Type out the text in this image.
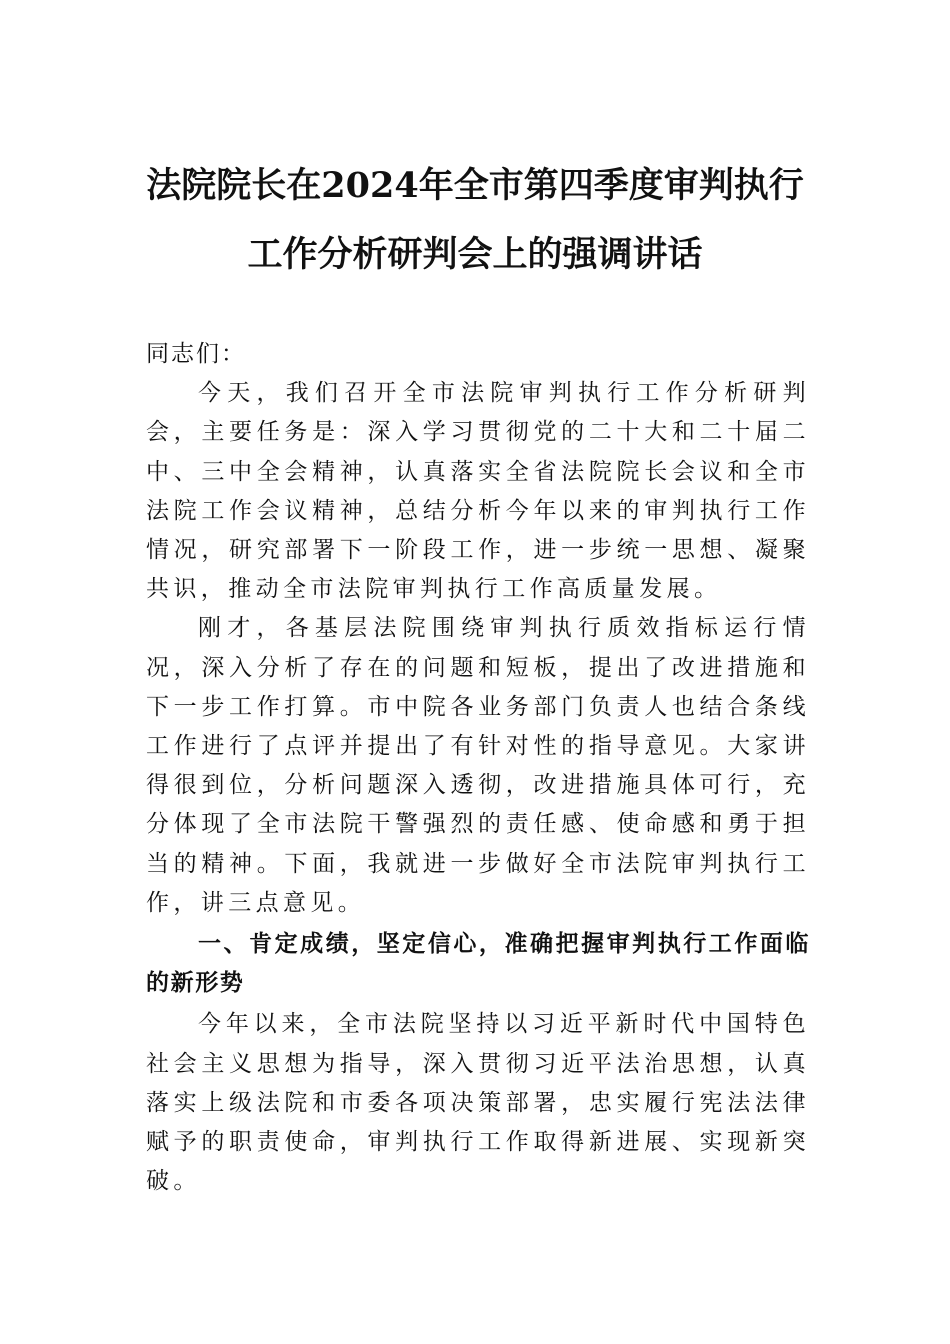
法院院长在2024年全市第四季度审判执行
工作分析研判会上的强调讲话

同志们：

今天，我们召开全市法院审判执行工作分析研判会，主要任务是：深入学习贯彻党的二十大和二十届二中、三中全会精神，认真落实全省法院院长会议和全市法院工作会议精神，总结分析今年以来的审判执行工作情况，研究部署下一阶段工作，进一步统一思想、凝聚共识，推动全市法院审判执行工作高质量发展。

刚才，各基层法院围绕审判执行质效指标运行情况，深入分析了存在的问题和短板，提出了改进措施和下一步工作打算。市中院各业务部门负责人也结合条线工作进行了点评并提出了有针对性的指导意见。大家讲得很到位，分析问题深入透彻，改进措施具体可行，充分体现了全市法院干警强烈的责任感、使命感和勇于担当的精神。下面，我就进一步做好全市法院审判执行工作，讲三点意见。

一、肯定成绩，坚定信心，准确把握审判执行工作面临的新形势

今年以来，全市法院坚持以习近平新时代中国特色社会主义思想为指导，深入贯彻习近平法治思想，认真落实上级法院和市委各项决策部署，忠实履行宪法法律赋予的职责使命，审判执行工作取得新进展、实现新突破。
